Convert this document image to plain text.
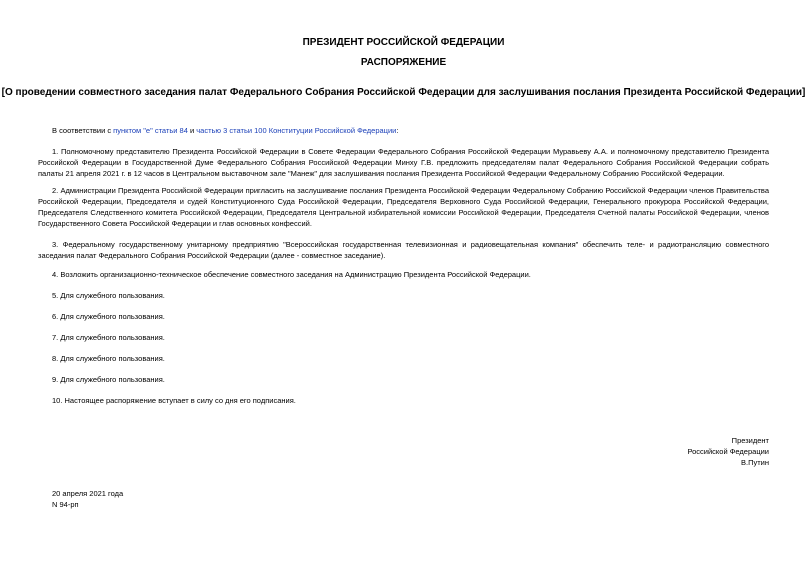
ПРЕЗИДЕНТ РОССИЙСКОЙ ФЕДЕРАЦИИ
РАСПОРЯЖЕНИЕ
[О проведении совместного заседания палат Федерального Собрания Российской Федерации для заслушивания послания Президента Российской Федерации]

В соответствии с пунктом "е" статьи 84 и частью 3 статьи 100 Конституции Российской Федерации:

1. Полномочному представителю Президента Российской Федерации в Совете Федерации Федерального Собрания Российской Федерации Муравьеву А.А. и полномочному представителю Президента Российской Федерации в Государственной Думе Федерального Собрания Российской Федерации Минху Г.В. предложить председателям палат Федерального Собрания Российской Федерации собрать палаты 21 апреля 2021 г. в 12 часов в Центральном выставочном зале "Манеж" для заслушивания послания Президента Российской Федерации Федеральному Собранию Российской Федерации.

2. Администрации Президента Российской Федерации пригласить на заслушивание послания Президента Российской Федерации Федеральному Собранию Российской Федерации членов Правительства Российской Федерации, Председателя и судей Конституционного Суда Российской Федерации, Председателя Верховного Суда Российской Федерации, Генерального прокурора Российской Федерации, Председателя Следственного комитета Российской Федерации, Председателя Центральной избирательной комиссии Российской Федерации, Председателя Счетной палаты Российской Федерации, членов Государственного Совета Российской Федерации и глав основных конфессий.

3. Федеральному государственному унитарному предприятию "Всероссийская государственная телевизионная и радиовещательная компания" обеспечить теле- и радиотрансляцию совместного заседания палат Федерального Собрания Российской Федерации (далее - совместное заседание).

4. Возложить организационно-техническое обеспечение совместного заседания на Администрацию Президента Российской Федерации.

5. Для служебного пользования.

6. Для служебного пользования.

7. Для служебного пользования.

8. Для служебного пользования.

9. Для служебного пользования.

10. Настоящее распоряжение вступает в силу со дня его подписания.

Президент
Российской Федерации
В.Путин
20 апреля 2021 года
N 94-рп
